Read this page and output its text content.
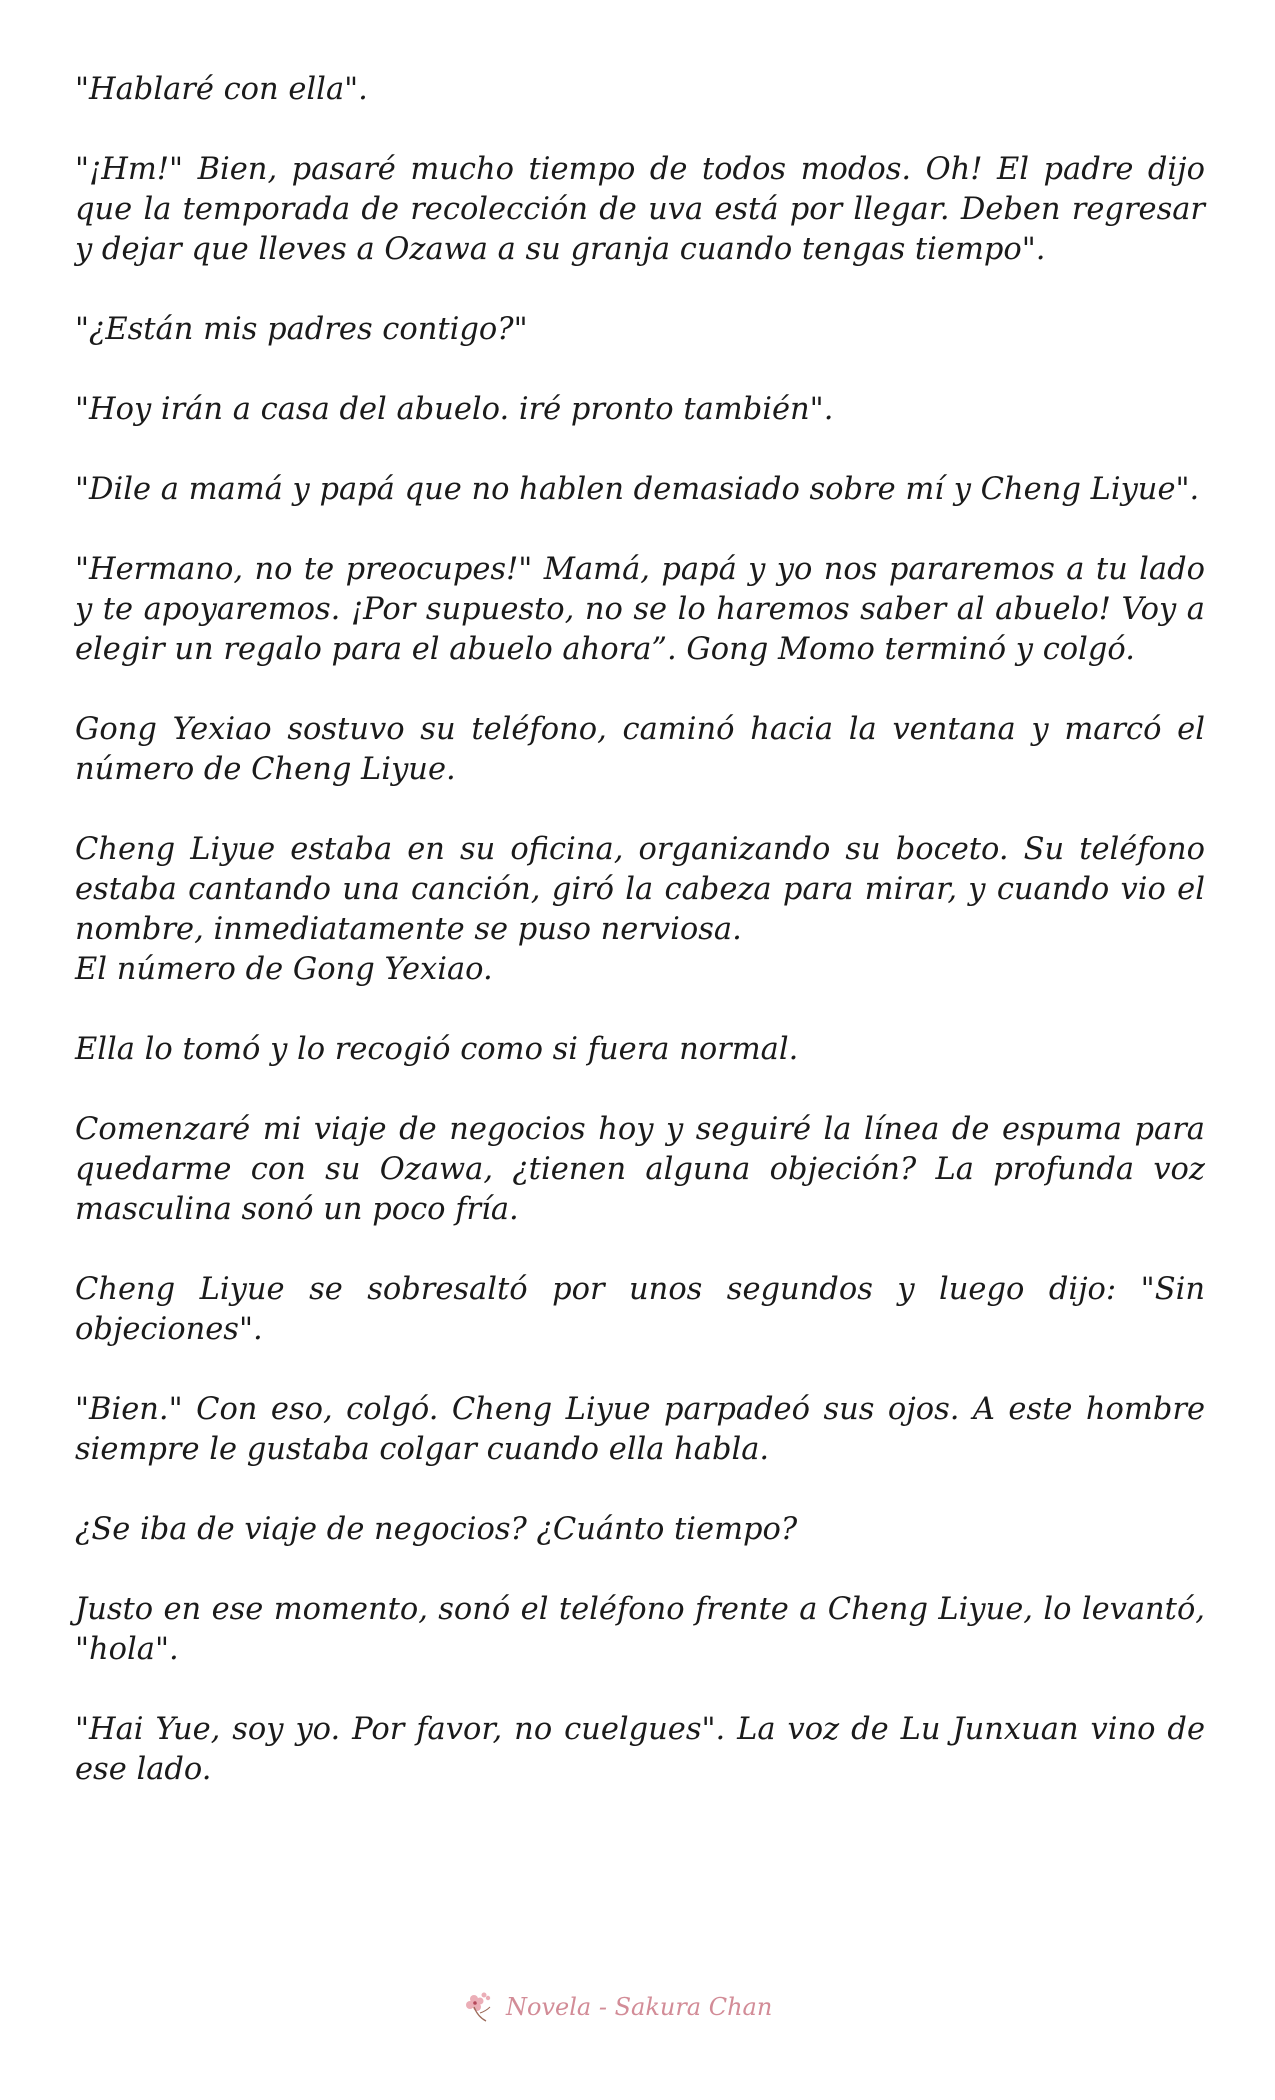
"Hablaré con ella".

"¡Hm!" Bien, pasaré mucho tiempo de todos modos. Oh! El padre dijo que la temporada de recolección de uva está por llegar. Deben regresar y dejar que lleves a Ozawa a su granja cuando tengas tiempo".

"¿Están mis padres contigo?"

"Hoy irán a casa del abuelo. iré pronto también".

"Dile a mamá y papá que no hablen demasiado sobre mí y Cheng Liyue".

"Hermano, no te preocupes!" Mamá, papá y yo nos pararemos a tu lado y te apoyaremos. ¡Por supuesto, no se lo haremos saber al abuelo! Voy a elegir un regalo para el abuelo ahora”. Gong Momo terminó y colgó.

Gong Yexiao sostuvo su teléfono, caminó hacia la ventana y marcó el número de Cheng Liyue.

Cheng Liyue estaba en su oficina, organizando su boceto. Su teléfono estaba cantando una canción, giró la cabeza para mirar, y cuando vio el nombre, inmediatamente se puso nerviosa.
El número de Gong Yexiao.

Ella lo tomó y lo recogió como si fuera normal.

Comenzaré mi viaje de negocios hoy y seguiré la línea de espuma para quedarme con su Ozawa, ¿tienen alguna objeción? La profunda voz masculina sonó un poco fría.

Cheng Liyue se sobresaltó por unos segundos y luego dijo: "Sin objeciones".

"Bien." Con eso, colgó. Cheng Liyue parpadeó sus ojos. A este hombre siempre le gustaba colgar cuando ella habla.

¿Se iba de viaje de negocios? ¿Cuánto tiempo?

Justo en ese momento, sonó el teléfono frente a Cheng Liyue, lo levantó, "hola".

"Hai Yue, soy yo. Por favor, no cuelgues". La voz de Lu Junxuan vino de ese lado.

Novela - Sakura Chan
